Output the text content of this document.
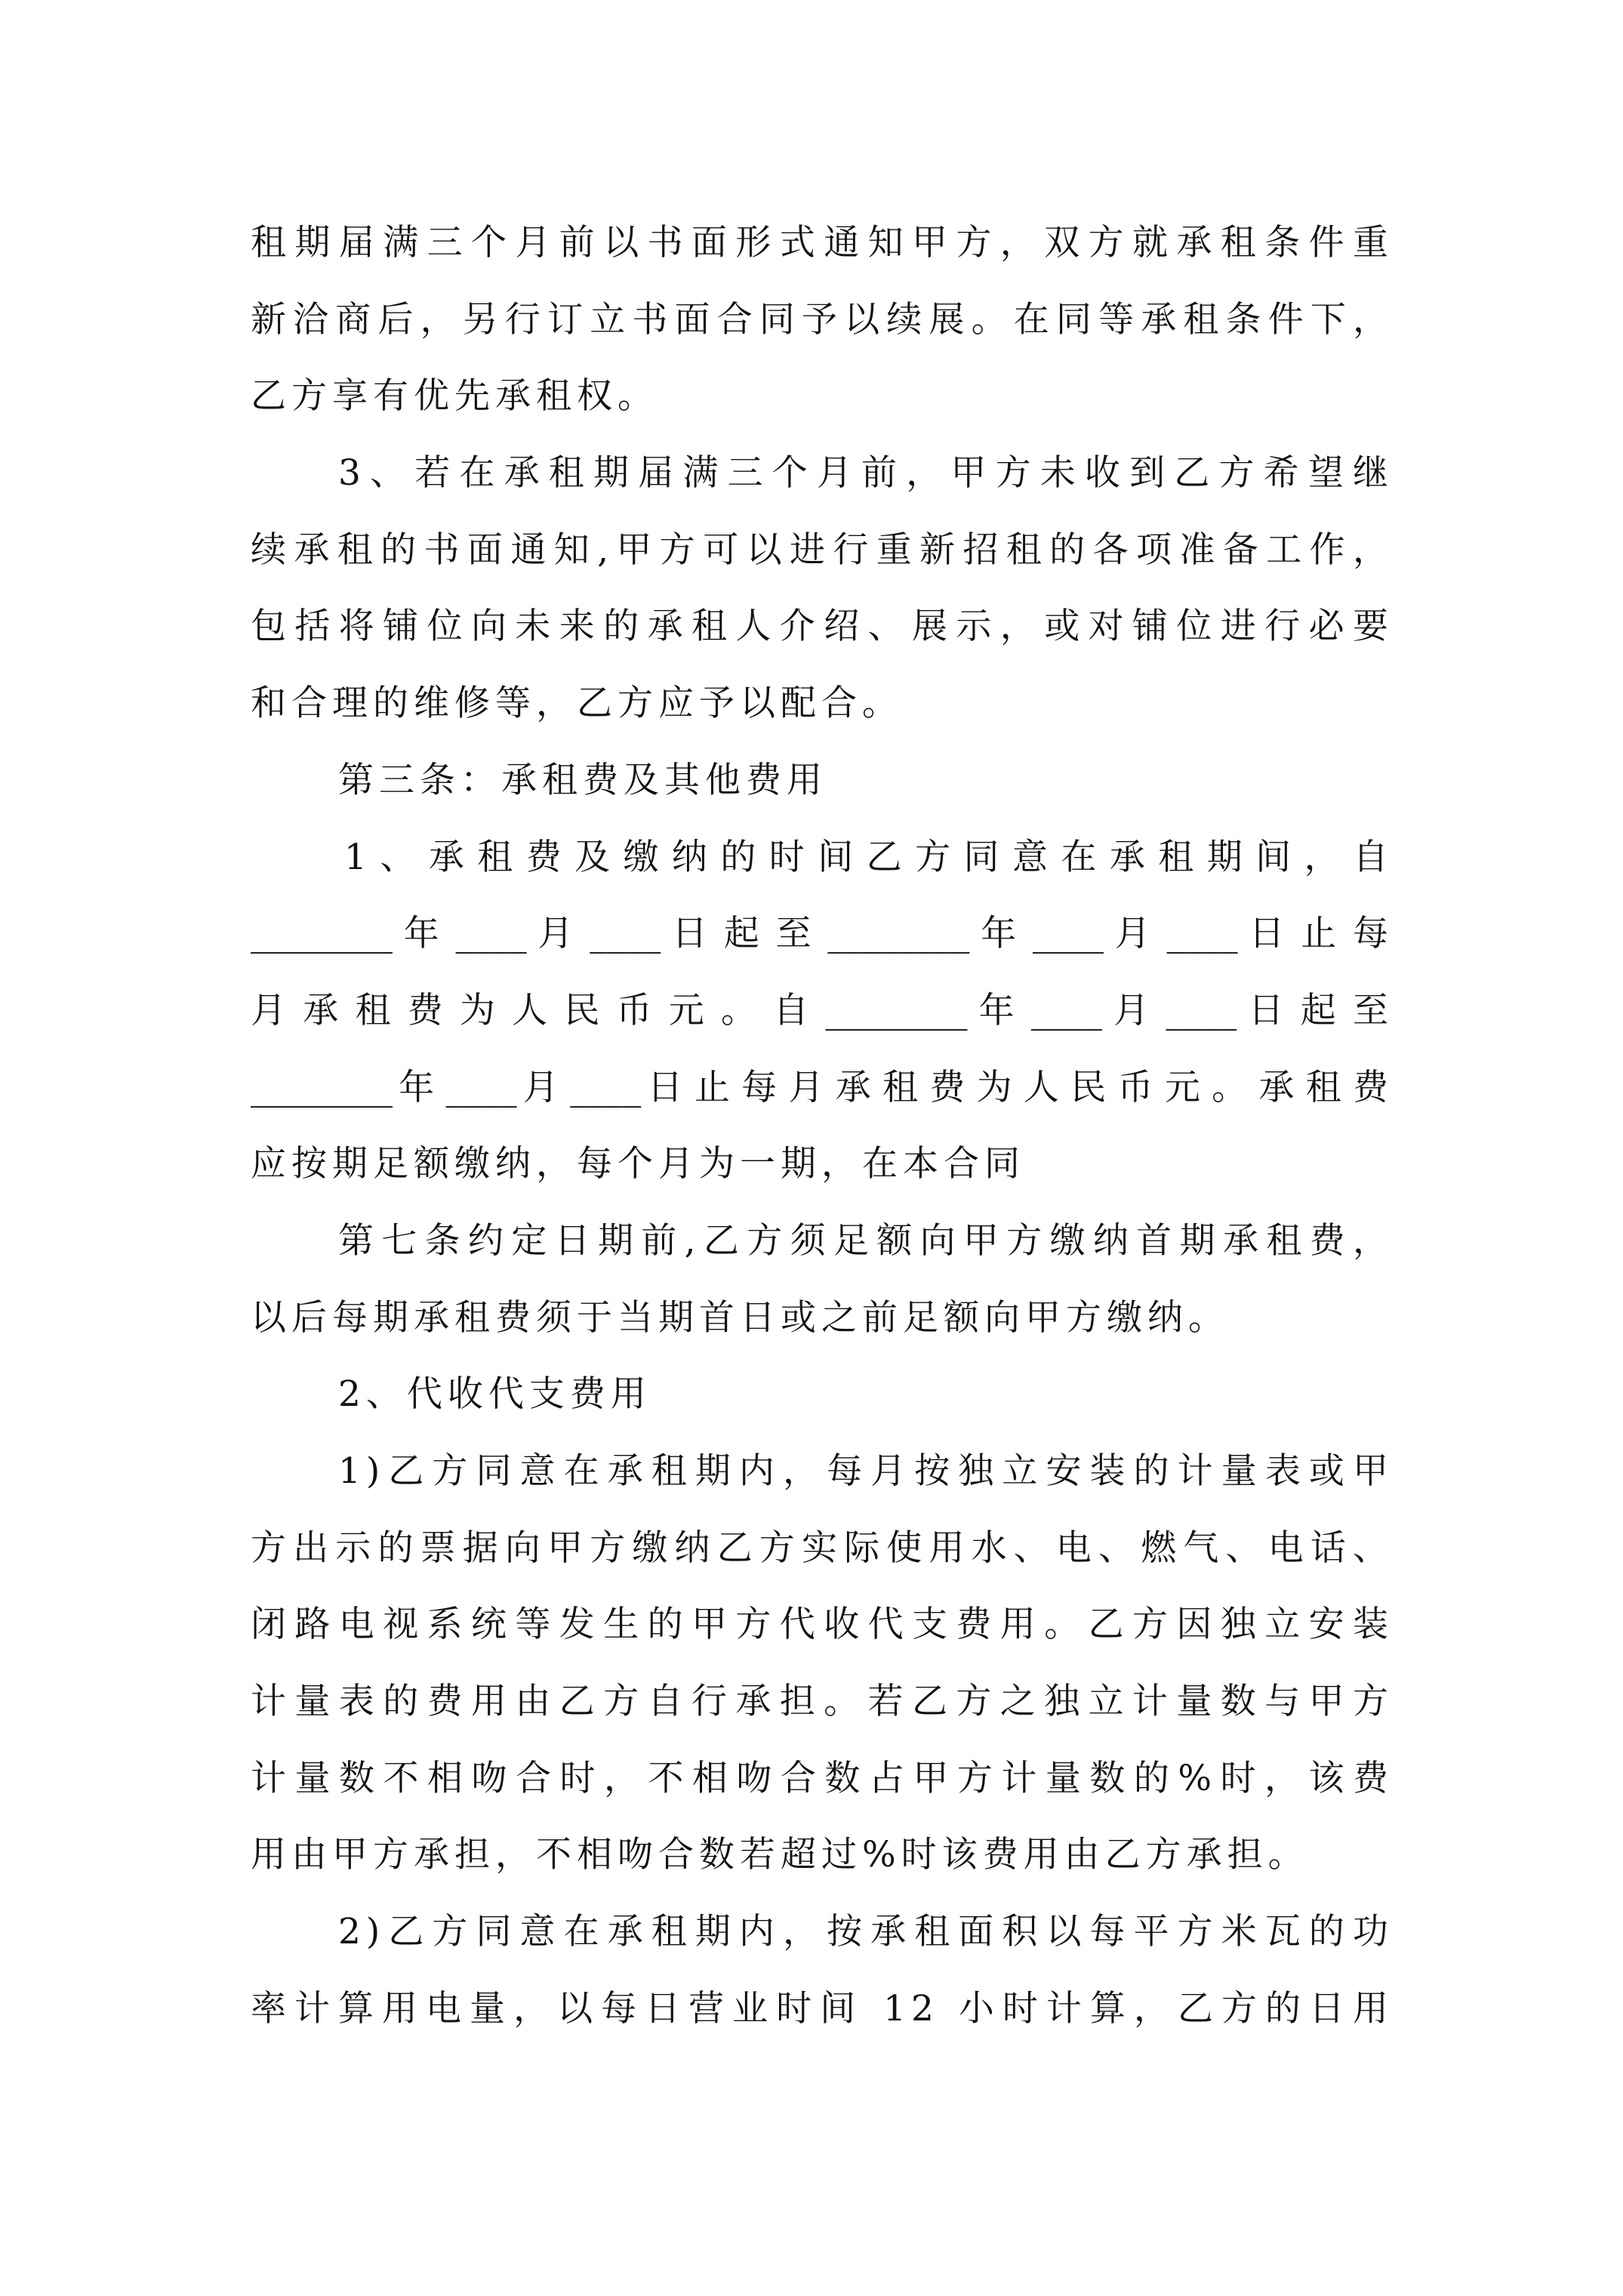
租期届满三个月前以书面形式通知甲方，双方就承租条件重
新洽商后，另行订立书面合同予以续展。在同等承租条件下，
乙方享有优先承租权。
3、若在承租期届满三个月前，甲方未收到乙方希望继
续承租的书面通知,甲方可以进行重新招租的各项准备工作，
包括将铺位向未来的承租人介绍、展示，或对铺位进行必要
和合理的维修等，乙方应予以配合。
第三条：承租费及其他费用
1、承租费及缴纳的时间乙方同意在承租期间，自
________年____月____日起至________年____月____日止每
月承租费为人民币元。自________年____月____日起至
________年____月____日止每月承租费为人民币元。承租费
应按期足额缴纳，每个月为一期，在本合同
第七条约定日期前,乙方须足额向甲方缴纳首期承租费，
以后每期承租费须于当期首日或之前足额向甲方缴纳。
2、代收代支费用
1)乙方同意在承租期内，每月按独立安装的计量表或甲
方出示的票据向甲方缴纳乙方实际使用水、电、燃气、电话、
闭路电视系统等发生的甲方代收代支费用。乙方因独立安装
计量表的费用由乙方自行承担。若乙方之独立计量数与甲方
计量数不相吻合时，不相吻合数占甲方计量数的%时，该费
用由甲方承担，不相吻合数若超过%时该费用由乙方承担。
2)乙方同意在承租期内，按承租面积以每平方米瓦的功
率计算用电量，以每日营业时间 12 小时计算，乙方的日用
